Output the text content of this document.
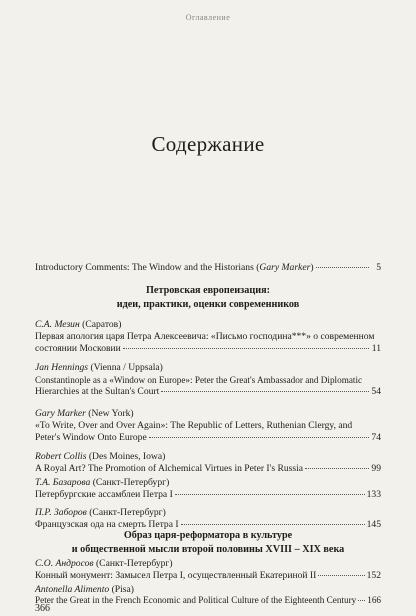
Оглавление
Содержание
Introductory Comments: The Window and the Historians ( Gary Marker )	5
Петровская европеизация:
идеи, практики, оценки современников
С.А. Мезин (Саратов)
Первая апология царя Петра Алексеевича: «Письмо господина***» о современном
состоянии Московии	11
Jan Hennings (Vienna / Uppsala)
Constantinople as a «Window on Europe»: Peter the Great's Ambassador and Diplomatic
Hierarchies at the Sultan's Court	54
Gary Marker (New York)
«To Write, Over and Over Again»: The Republic of Letters, Ruthenian Clergy, and
Peter's Window Onto Europe	74
Robert Collis (Des Moines, Iowa)
A Royal Art? The Promotion of Alchemical Virtues in Peter I's Russia	99
Т.А. Базарова (Санкт-Петербург)
Петербургские ассамблеи Петра I	133
П.Р. Заборов (Санкт-Петербург)
Французская ода на смерть Петра I	145
Образ царя-реформатора в культуре
и общественной мысли второй половины XVIII – XIX века
С.О. Андросов (Санкт-Петербург)
Конный монумент: Замысел Петра I, осуществленный Екатериной II	152
Antonella Alimento (Pisa)
Peter the Great in the French Economic and Political Culture of the Eighteenth Century 166
366
